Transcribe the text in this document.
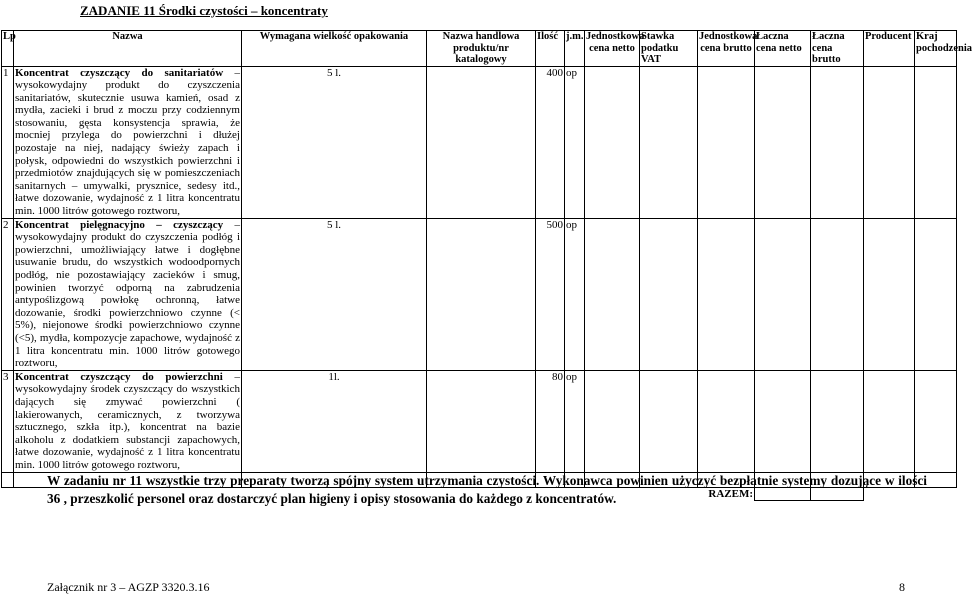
ZADANIE 11 Środki czystości – koncentraty
Lp	Nazwa	Wymagana wielkość opakowania	Nazwa handlowa produktu/nr katalogowy	Ilość	j.m.	Jednostkowa cena netto	Stawka podatku VAT	Jednostkowa cena brutto	Łaczna cena netto	Łaczna cena brutto	Producent	Kraj pochodzenia
1	Koncentrat czyszczący do sanitariatów – wysokowydajny produkt do czyszczenia sanitariatów, skutecznie usuwa kamień, osad z mydła, zacieki i brud z moczu przy codziennym stosowaniu, gęsta konsystencja sprawia, że mocniej przylega do powierzchni i dłużej pozostaje na niej, nadający świeży zapach i połysk, odpowiedni do wszystkich powierzchni i przedmiotów znajdujących się w pomieszczeniach sanitarnych – umywalki, prysznice, sedesy itd., łatwe dozowanie, wydajność z 1 litra koncentratu min. 1000 litrów gotowego roztworu,	5 l.		400	op							
2	Koncentrat pielęgnacyjno – czyszczący – wysokowydajny produkt do czyszczenia podłóg i powierzchni, umożliwiający łatwe i dogłębne usuwanie brudu, do wszystkich wodoodpornych podłóg, nie pozostawiający zacieków i smug, powinien tworzyć odporną na zabrudzenia antypoślizgową powłokę ochronną, łatwe dozowanie, środki powierzchniowo czynne (< 5%), niejonowe środki powierzchniowo czynne (<5), mydła, kompozycje zapachowe, wydajność z 1 litra koncentratu min. 1000 litrów gotowego roztworu,	5 l.		500	op							
3	Koncentrat czyszczący do powierzchni – wysokowydajny środek czyszczący do wszystkich dających się zmywać powierzchni ( lakierowanych, ceramicznych, z tworzywa sztucznego, szkła itp.), koncentrat na bazie alkoholu z dodatkiem substancji zapachowych, łatwe dozowanie, wydajność z 1 litra koncentratu min. 1000 litrów gotowego roztworu,	1l.		80	op							

RAZEM:												
W zadaniu nr 11 wszystkie trzy preparaty tworzą spójny system utrzymania czystości. Wykonawca powinien użyczyć bezpłatnie systemy dozujące w ilości 36 , przeszkolić personel oraz dostarczyć plan higieny i opisy stosowania do każdego z koncentratów.
Załącznik nr 3 – AGZP 3320.3.16	8
